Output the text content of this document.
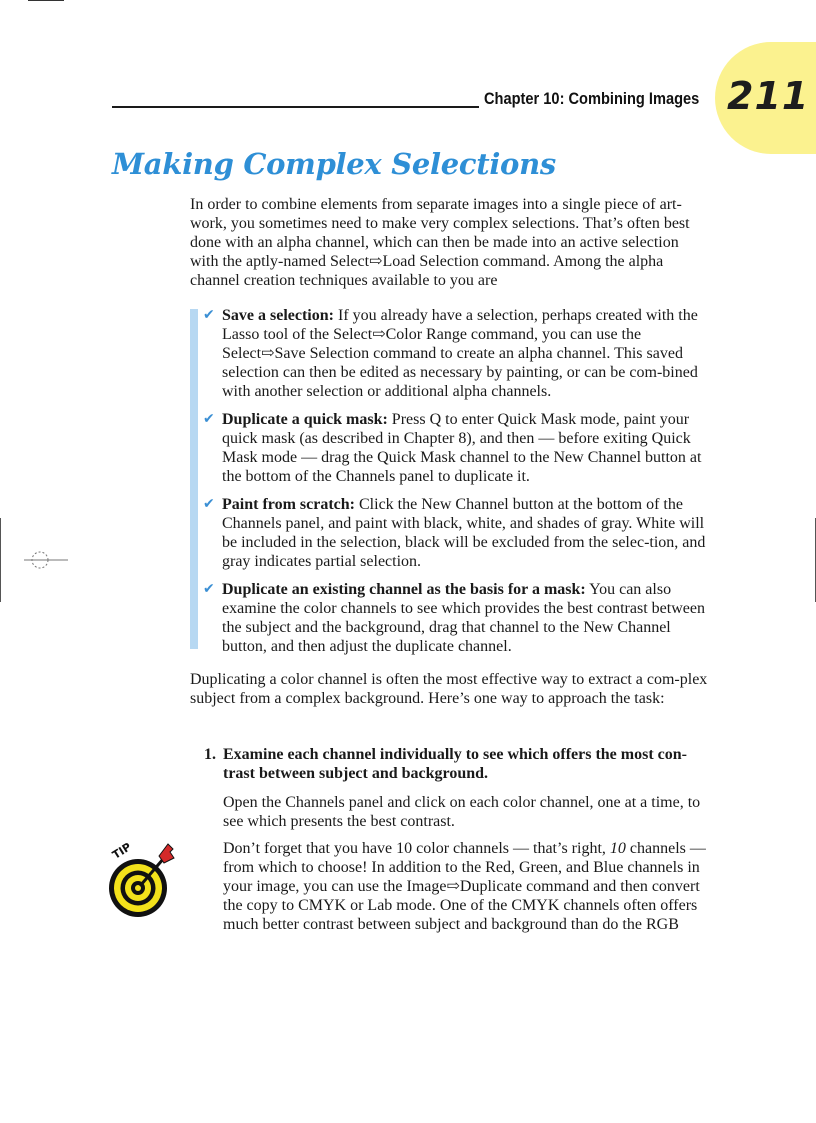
211
Chapter 10: Combining Images
Making Complex Selections

In order to combine elements from separate images into a single piece of art-work, you sometimes need to make very complex selections. That’s often best done with an alpha channel, which can then be made into an active selection with the aptly-named Select⇨Load Selection command. Among the alpha channel creation techniques available to you are

✔ Save a selection: If you already have a selection, perhaps created with the Lasso tool of the Select⇨Color Range command, you can use the Select⇨Save Selection command to create an alpha channel. This saved selection can then be edited as necessary by painting, or can be com-bined with another selection or additional alpha channels.
✔ Duplicate a quick mask: Press Q to enter Quick Mask mode, paint your quick mask (as described in Chapter 8), and then — before exiting Quick Mask mode — drag the Quick Mask channel to the New Channel button at the bottom of the Channels panel to duplicate it.
✔ Paint from scratch: Click the New Channel button at the bottom of the Channels panel, and paint with black, white, and shades of gray. White will be included in the selection, black will be excluded from the selec-tion, and gray indicates partial selection.
✔ Duplicate an existing channel as the basis for a mask: You can also examine the color channels to see which provides the best contrast between the subject and the background, drag that channel to the New Channel button, and then adjust the duplicate channel.

Duplicating a color channel is often the most effective way to extract a com-plex subject from a complex background. Here’s one way to approach the task:

1. Examine each channel individually to see which offers the most con-trast between subject and background.

Open the Channels panel and click on each color channel, one at a time, to see which presents the best contrast.

Don’t forget that you have 10 color channels — that’s right, 10 channels — from which to choose! In addition to the Red, Green, and Blue channels in your image, you can use the Image⇨Duplicate command and then convert the copy to CMYK or Lab mode. One of the CMYK channels often offers much better contrast between subject and background than do the RGB

TIP
